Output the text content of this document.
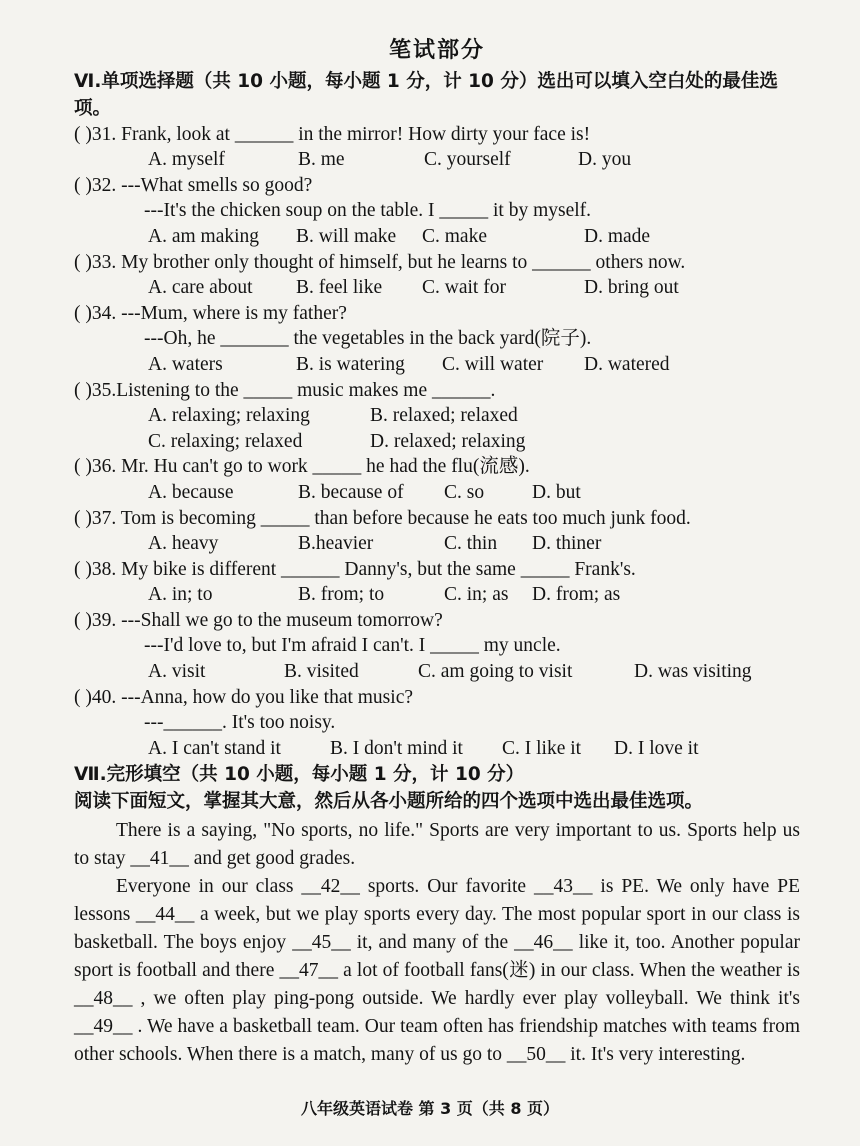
笔试部分
Ⅵ.单项选择题（共 10 小题，每小题 1 分，计 10 分）选出可以填入空白处的最佳选项。
( )31. Frank, look at ______ in the mirror! How dirty your face is!
A. myself	B. me	C. yourself	D. you
( )32. ---What smells so good?
---It's the chicken soup on the table. I _____ it by myself.
A. am making B. will make C. make	D. made
( )33. My brother only thought of himself, but he learns to ______ others now.
A. care about B. feel like C. wait for	D. bring out
( )34. ---Mum, where is my father?
---Oh, he _______ the vegetables in the back yard(院子).
A. waters	B. is watering C. will water D. watered
( )35.Listening to the _____ music makes me ______.
A. relaxing; relaxing	B. relaxed; relaxed
C. relaxing; relaxed	D. relaxed; relaxing
( )36. Mr. Hu can't go to work _____ he had the flu(流感).
A. because	B. because of C. so D. but
( )37. Tom is becoming _____ than before because he eats too much junk food.
A. heavy	B.heavier	C. thin D. thiner
( )38. My bike is different ______ Danny's, but the same _____ Frank's.
A. in; to	B. from; to	C. in; as D. from; as
( )39. ---Shall we go to the museum tomorrow?
---I'd love to, but I'm afraid I can't. I _____ my uncle.
A. visit	B. visited	C. am going to visit	D. was visiting
( )40. ---Anna, how do you like that music?
---______. It's too noisy.
A. I can't stand it	B. I don't mind it C. I like it D. I love it
Ⅶ.完形填空（共 10 小题，每小题 1 分，计 10 分）
阅读下面短文，掌握其大意，然后从各小题所给的四个选项中选出最佳选项。

There is a saying, "No sports, no life." Sports are very important to us. Sports help us to stay __41__ and get good grades.

Everyone in our class __42__ sports. Our favorite __43__ is PE. We only have PE lessons __44__ a week, but we play sports every day. The most popular sport in our class is basketball. The boys enjoy __45__ it, and many of the __46__ like it, too. Another popular sport is football and there __47__ a lot of football fans(迷) in our class. When the weather is __48__ , we often play ping-pong outside. We hardly ever play volleyball. We think it's __49__ . We have a basketball team. Our team often has friendship matches with teams from other schools. When there is a match, many of us go to __50__ it. It's very interesting.

八年级英语试卷 第 3 页（共 8 页）
